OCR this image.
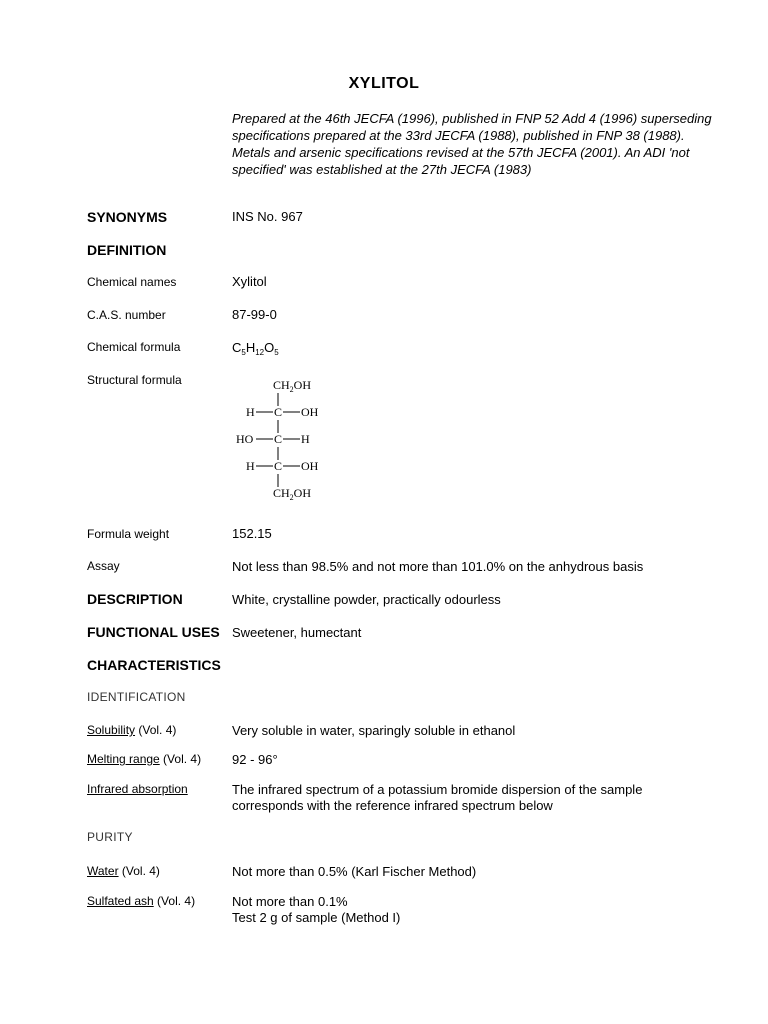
XYLITOL
Prepared at the 46th JECFA (1996), published in FNP 52 Add 4 (1996) superseding specifications prepared at the 33rd JECFA (1988), published in FNP 38 (1988). Metals and arsenic specifications revised at the 57th JECFA (2001). An ADI 'not specified' was established at the 27th JECFA (1983)
SYNONYMS	INS No. 967
DEFINITION
Chemical names	Xylitol
C.A.S. number	87-99-0
Chemical formula	$C_5H_{12}O_5$
Structural formula	$CH_2OH$
H C OH
HO C H
H C OH
$CH_2OH$
Formula weight	152.15
Assay	Not less than 98.5% and not more than 101.0% on the anhydrous basis
DESCRIPTION	White, crystalline powder, practically odourless
FUNCTIONAL USES Sweetener, humectant
CHARACTERISTICS
IDENTIFICATION
Solubility (Vol. 4)	Very soluble in water, sparingly soluble in ethanol
Melting range (Vol. 4) 92 - 96°
Infrared absorption	The infrared spectrum of a potassium bromide dispersion of the sample corresponds with the reference infrared spectrum below
PURITY
Water (Vol. 4)	Not more than 0.5% (Karl Fischer Method)
Sulfated ash (Vol. 4)	Not more than 0.1%
Test 2 g of sample (Method I)
